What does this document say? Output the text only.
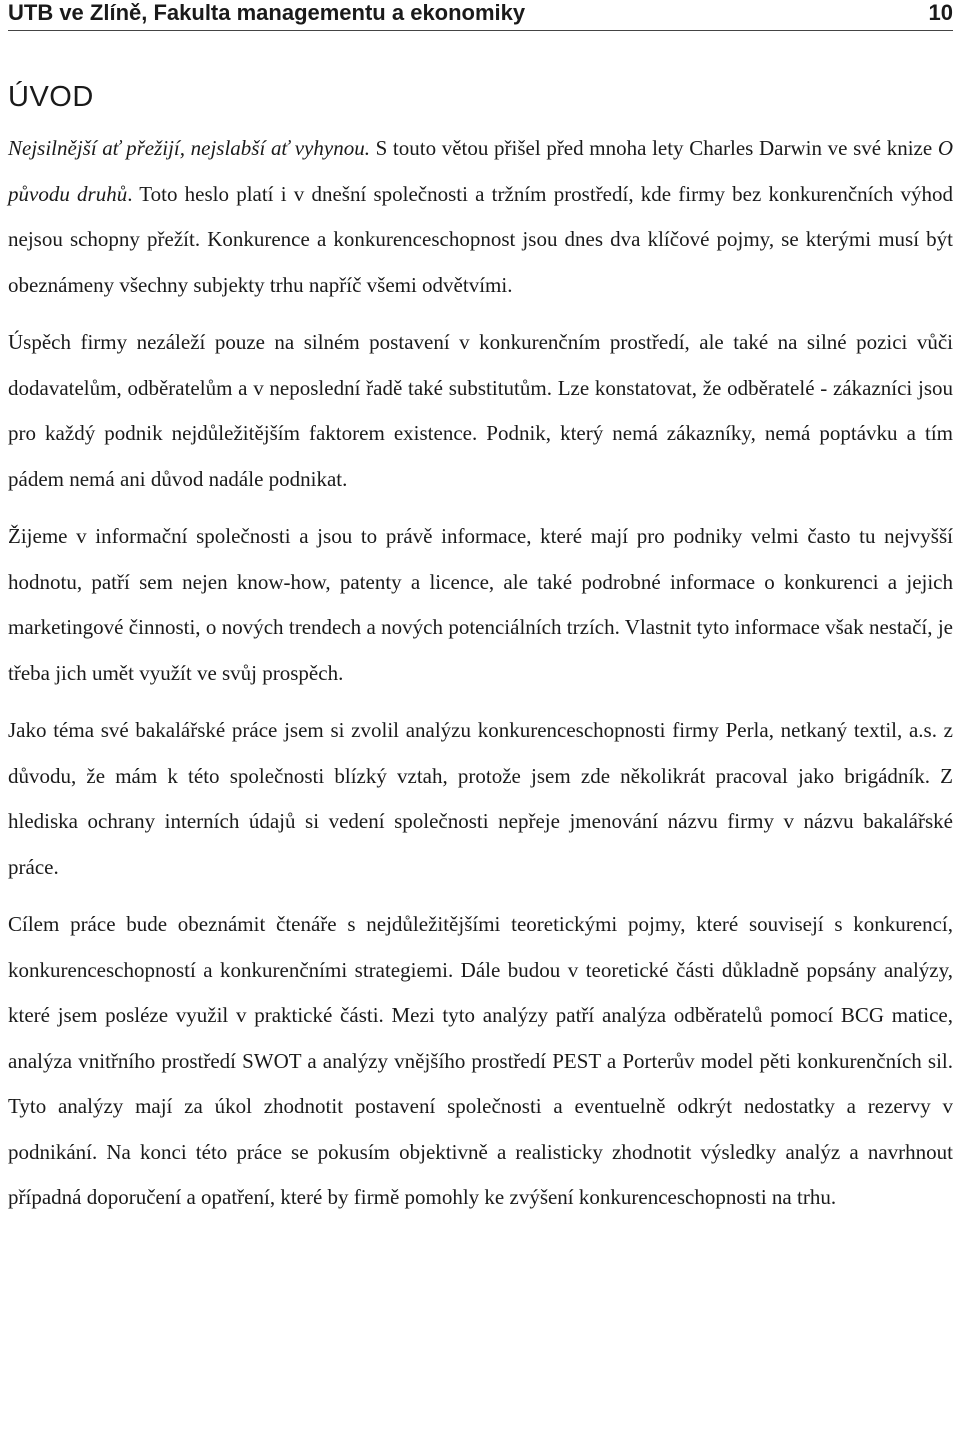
UTB ve Zlíně, Fakulta managementu a ekonomiky	10
ÚVOD

Nejsilnější ať přežijí, nejslabší ať vyhynou. S touto větou přišel před mnoha lety Charles Darwin ve své knize O původu druhů. Toto heslo platí i v dnešní společnosti a tržním prostředí, kde firmy bez konkurenčních výhod nejsou schopny přežít. Konkurence a konkurenceschopnost jsou dnes dva klíčové pojmy, se kterými musí být obeznámeny všechny subjekty trhu napříč všemi odvětvími.

Úspěch firmy nezáleží pouze na silném postavení v konkurenčním prostředí, ale také na silné pozici vůči dodavatelům, odběratelům a v neposlední řadě také substitutům. Lze konstatovat, že odběratelé - zákazníci jsou pro každý podnik nejdůležitějším faktorem existence. Podnik, který nemá zákazníky, nemá poptávku a tím pádem nemá ani důvod nadále podnikat.

Žijeme v informační společnosti a jsou to právě informace, které mají pro podniky velmi často tu nejvyšší hodnotu, patří sem nejen know-how, patenty a licence, ale také podrobné informace o konkurenci a jejich marketingové činnosti, o nových trendech a nových potenciálních trzích. Vlastnit tyto informace však nestačí, je třeba jich umět využít ve svůj prospěch.

Jako téma své bakalářské práce jsem si zvolil analýzu konkurenceschopnosti firmy Perla, netkaný textil, a.s. z důvodu, že mám k této společnosti blízký vztah, protože jsem zde několikrát pracoval jako brigádník. Z hlediska ochrany interních údajů si vedení společnosti nepřeje jmenování názvu firmy v názvu bakalářské práce.

Cílem práce bude obeznámit čtenáře s nejdůležitějšími teoretickými pojmy, které souvisejí s konkurencí, konkurenceschopností a konkurenčními strategiemi. Dále budou v teoretické části důkladně popsány analýzy, které jsem posléze využil v praktické části. Mezi tyto analýzy patří analýza odběratelů pomocí BCG matice, analýza vnitřního prostředí SWOT a analýzy vnějšího prostředí PEST a Porterův model pěti konkurenčních sil. Tyto analýzy mají za úkol zhodnotit postavení společnosti a eventuelně odkrýt nedostatky a rezervy v podnikání. Na konci této práce se pokusím objektivně a realisticky zhodnotit výsledky analýz a navrhnout případná doporučení a opatření, které by firmě pomohly ke zvýšení konkurenceschopnosti na trhu.
